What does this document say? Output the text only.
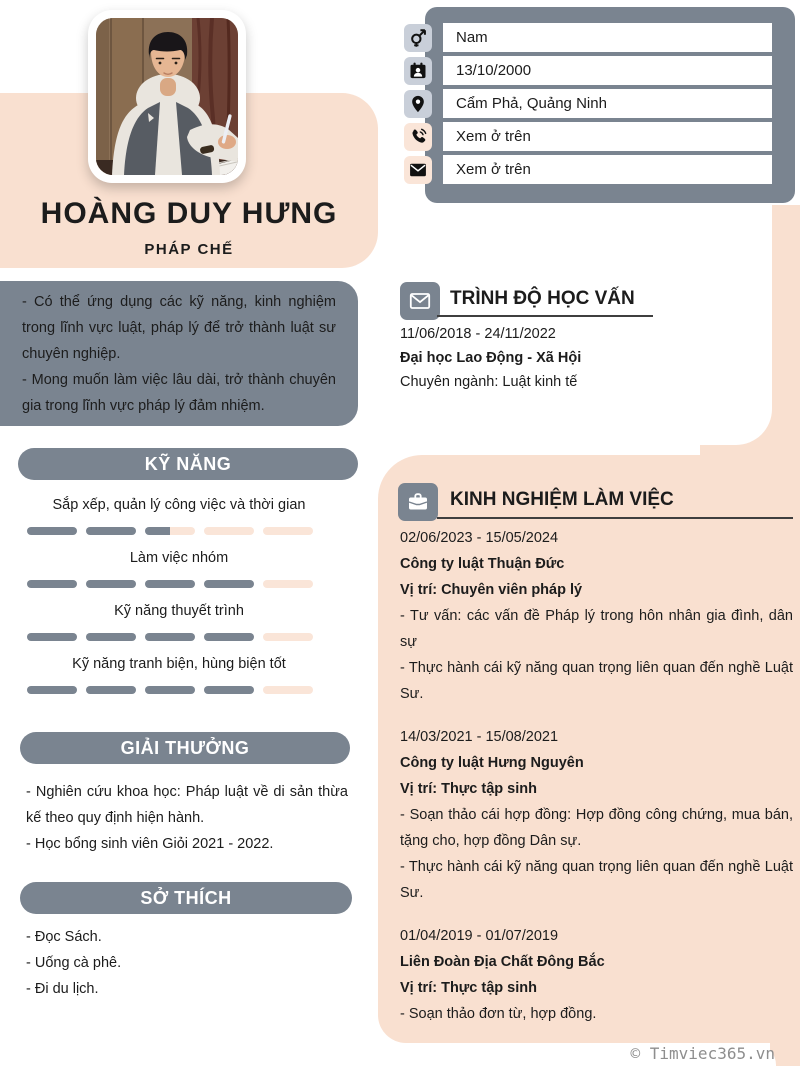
HOÀNG DUY HƯNG
PHÁP CHẾ

- Có thể ứng dụng các kỹ năng, kinh nghiệm trong lĩnh vực luật, pháp lý để trở thành luật sư chuyên nghiệp.

- Mong muốn làm việc lâu dài, trở thành chuyên gia trong lĩnh vực pháp lý đảm nhiệm.

KỸ NĂNG
Sắp xếp, quản lý công việc và thời gian
Làm việc nhóm
Kỹ năng thuyết trình
Kỹ năng tranh biện, hùng biện tốt
GIẢI THƯỞNG

- Nghiên cứu khoa học: Pháp luật về di sản thừa kế theo quy định hiện hành.

- Học bổng sinh viên Giỏi 2021 - 2022.

SỞ THÍCH

- Đọc Sách.

- Uống cà phê.

- Đi du lịch.

Nam
13/10/2000
Cẩm Phả, Quảng Ninh
Xem ở trên
Xem ở trên
TRÌNH ĐỘ HỌC VẤN

11/06/2018 - 24/11/2022

Đại học Lao Động - Xã Hội

Chuyên ngành: Luật kinh tế

KINH NGHIỆM LÀM VIỆC

02/06/2023 - 15/05/2024

Công ty luật Thuận Đức

Vị trí: Chuyên viên pháp lý

- Tư vấn: các vấn đề Pháp lý trong hôn nhân gia đình, dân sự

- Thực hành cái kỹ năng quan trọng liên quan đến nghề Luật Sư.

14/03/2021 - 15/08/2021

Công ty luật Hưng Nguyên

Vị trí: Thực tập sinh

- Soạn thảo cái hợp đồng: Hợp đồng công chứng, mua bán, tặng cho, hợp đồng Dân sự.

- Thực hành cái kỹ năng quan trọng liên quan đến nghề Luật Sư.

01/04/2019 - 01/07/2019

Liên Đoàn Địa Chất Đông Bắc

Vị trí: Thực tập sinh

- Soạn thảo đơn từ, hợp đồng.

© Timviec365.vn
